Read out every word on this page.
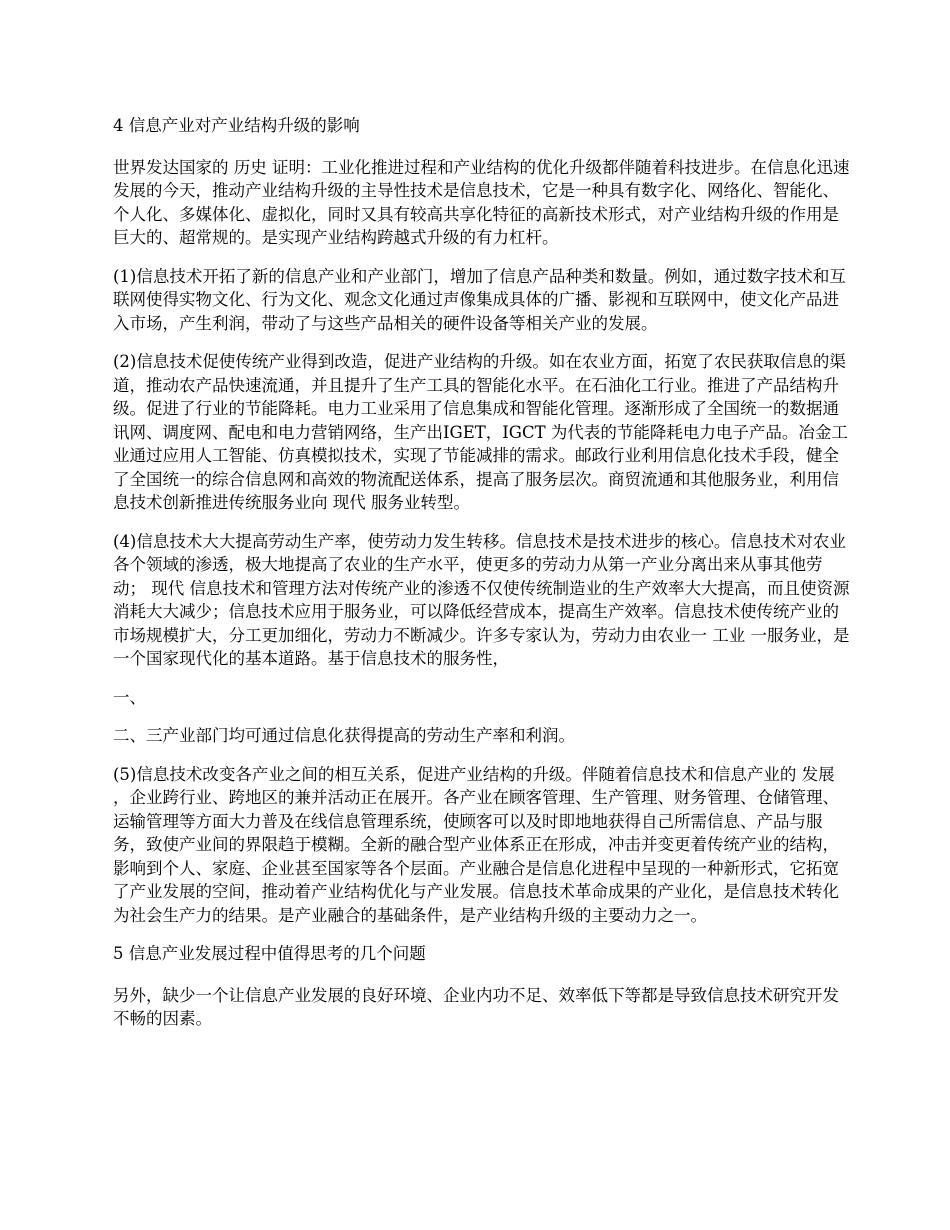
4 信息产业对产业结构升级的影响

世界发达国家的 历史 证明：工业化推进过程和产业结构的优化升级都伴随着科技进步。在信息化迅速发展的今天，推动产业结构升级的主导性技术是信息技术，它是一种具有数字化、网络化、智能化、个人化、多媒体化、虚拟化，同时又具有较高共享化特征的高新技术形式，对产业结构升级的作用是巨大的、超常规的。是实现产业结构跨越式升级的有力杠杆。

(1)信息技术开拓了新的信息产业和产业部门，增加了信息产品种类和数量。例如，通过数字技术和互联网使得实物文化、行为文化、观念文化通过声像集成具体的广播、影视和互联网中，使文化产品进入市场，产生利润，带动了与这些产品相关的硬件设备等相关产业的发展。

(2)信息技术促使传统产业得到改造，促进产业结构的升级。如在农业方面，拓宽了农民获取信息的渠道，推动农产品快速流通，并且提升了生产工具的智能化水平。在石油化工行业。推进了产品结构升级。促进了行业的节能降耗。电力工业采用了信息集成和智能化管理。逐渐形成了全国统一的数据通讯网、调度网、配电和电力营销网络，生产出IGET，IGCT 为代表的节能降耗电力电子产品。冶金工业通过应用人工智能、仿真模拟技术，实现了节能减排的需求。邮政行业利用信息化技术手段，健全了全国统一的综合信息网和高效的物流配送体系，提高了服务层次。商贸流通和其他服务业，利用信息技术创新推进传统服务业向 现代 服务业转型。

(4)信息技术大大提高劳动生产率，使劳动力发生转移。信息技术是技术进步的核心。信息技术对农业各个领域的渗透，极大地提高了农业的生产水平，使更多的劳动力从第一产业分离出来从事其他劳动； 现代 信息技术和管理方法对传统产业的渗透不仅使传统制造业的生产效率大大提高，而且使资源消耗大大减少；信息技术应用于服务业，可以降低经营成本，提高生产效率。信息技术使传统产业的市场规模扩大，分工更加细化，劳动力不断减少。许多专家认为，劳动力由农业一 工业 一服务业，是一个国家现代化的基本道路。基于信息技术的服务性，

一、

二、三产业部门均可通过信息化获得提高的劳动生产率和利润。

(5)信息技术改变各产业之间的相互关系，促进产业结构的升级。伴随着信息技术和信息产业的 发展 ，企业跨行业、跨地区的兼并活动正在展开。各产业在顾客管理、生产管理、财务管理、仓储管理、运输管理等方面大力普及在线信息管理系统，使顾客可以及时即地地获得自己所需信息、产品与服务，致使产业间的界限趋于模糊。全新的融合型产业体系正在形成，冲击并变更着传统产业的结构，影响到个人、家庭、企业甚至国家等各个层面。产业融合是信息化进程中呈现的一种新形式，它拓宽了产业发展的空间，推动着产业结构优化与产业发展。信息技术革命成果的产业化，是信息技术转化为社会生产力的结果。是产业融合的基础条件，是产业结构升级的主要动力之一。

5 信息产业发展过程中值得思考的几个问题

另外，缺少一个让信息产业发展的良好环境、企业内功不足、效率低下等都是导致信息技术研究开发不畅的因素。
